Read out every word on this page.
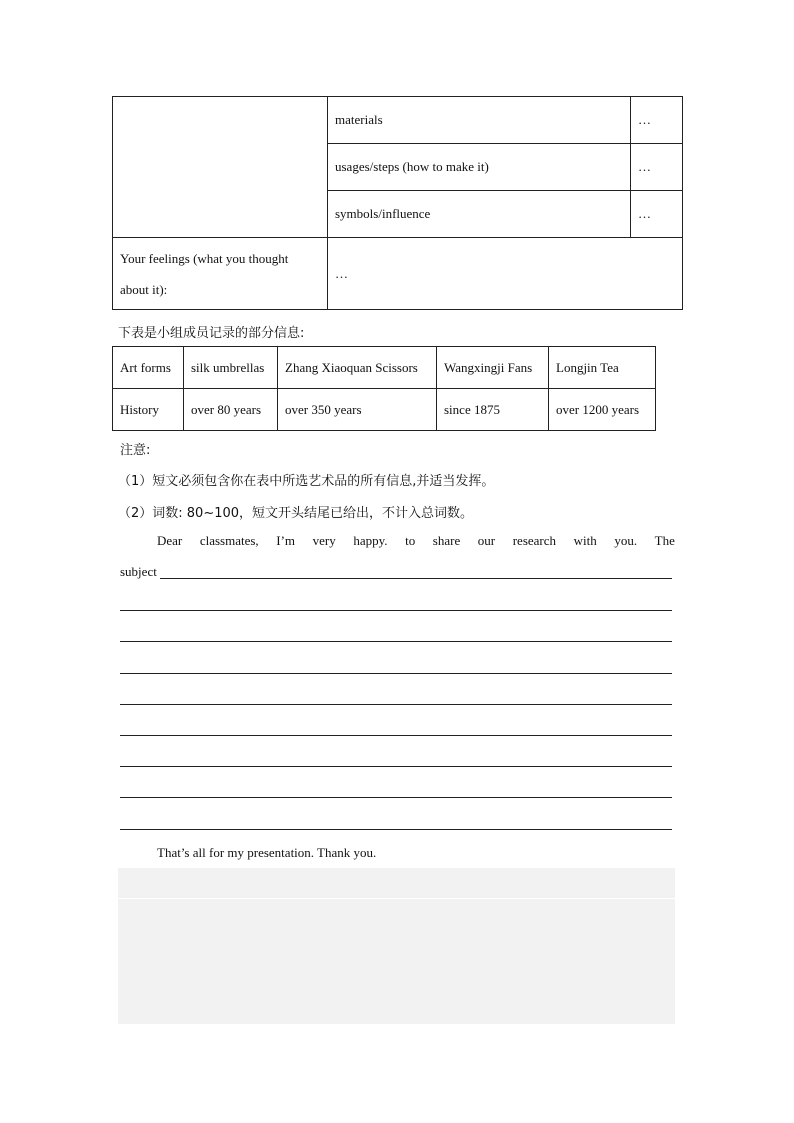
	materials	…
	usages/steps (how to make it)	…
	symbols/influence	…
Your feelings (what you thought about it):	…	
下表是小组成员记录的部分信息:
Art forms	silk umbrellas	Zhang Xiaoquan Scissors	Wangxingji Fans	Longjin Tea
History	over 80 years	over 350 years	since 1875	over 1200 years
注意:
（1）短文必须包含你在表中所选艺术品的所有信息,并适当发挥。
（2）词数: 80~100，短文开头结尾已给出，不计入总词数。
Dear classmates, I’m very happy. to share our research with you. The
subject
That’s all for my presentation. Thank you.
